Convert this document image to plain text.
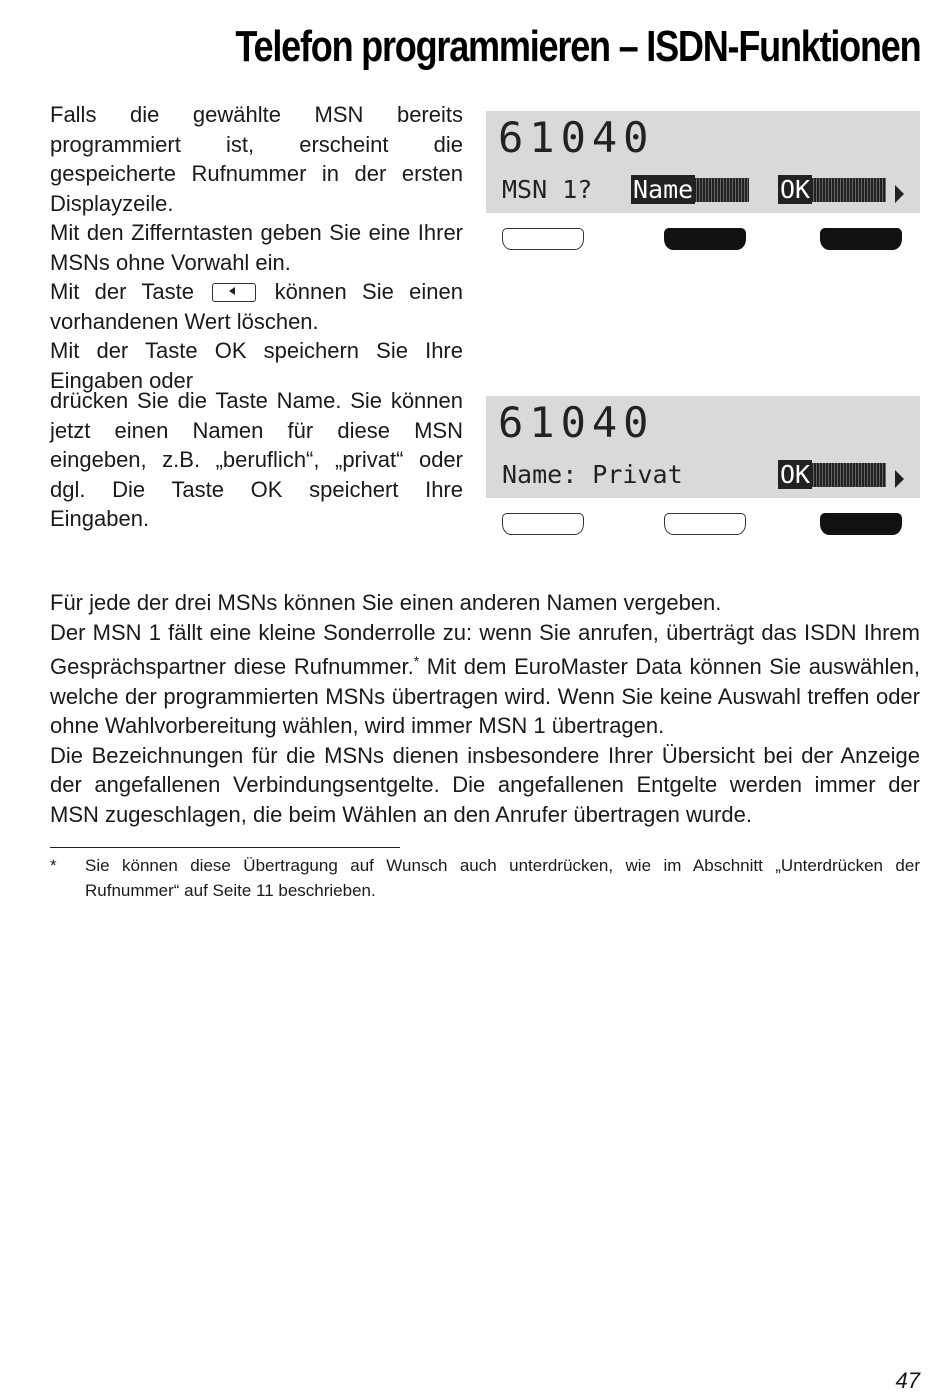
Telefon programmieren – ISDN-Funktionen

Falls die gewählte MSN bereits programmiert ist, erscheint die gespeicherte Rufnummer in der ersten Displayzeile.

Mit den Zifferntasten geben Sie eine Ihrer MSNs ohne Vorwahl ein.

Mit der Taste	können Sie einen vorhandenen Wert löschen.

Mit der Taste OK speichern Sie Ihre Eingaben oder

drücken Sie die Taste Name. Sie können jetzt einen Namen für diese MSN eingeben, z.B. „beruflich“, „privat“ oder dgl. Die Taste OK speichert Ihre Eingaben.

61040
MSN 1? Name	OK
61040
Name: Privat	OK

Für jede der drei MSNs können Sie einen anderen Namen vergeben.

Der MSN 1 fällt eine kleine Sonderrolle zu: wenn Sie anrufen, überträgt das ISDN Ihrem Gesprächspartner diese Rufnummer.* Mit dem EuroMaster Data können Sie auswählen, welche der programmierten MSNs übertragen wird. Wenn Sie keine Auswahl treffen oder ohne Wahlvorbereitung wählen, wird immer MSN 1 übertragen.

Die Bezeichnungen für die MSNs dienen insbesondere Ihrer Übersicht bei der Anzeige der angefallenen Verbindungsentgelte. Die angefallenen Entgelte werden immer der MSN zugeschlagen, die beim Wählen an den Anrufer übertragen wurde.

* Sie können diese Übertragung auf Wunsch auch unterdrücken, wie im Abschnitt „Unterdrücken der Rufnummer“ auf Seite 11 beschrieben.
47
